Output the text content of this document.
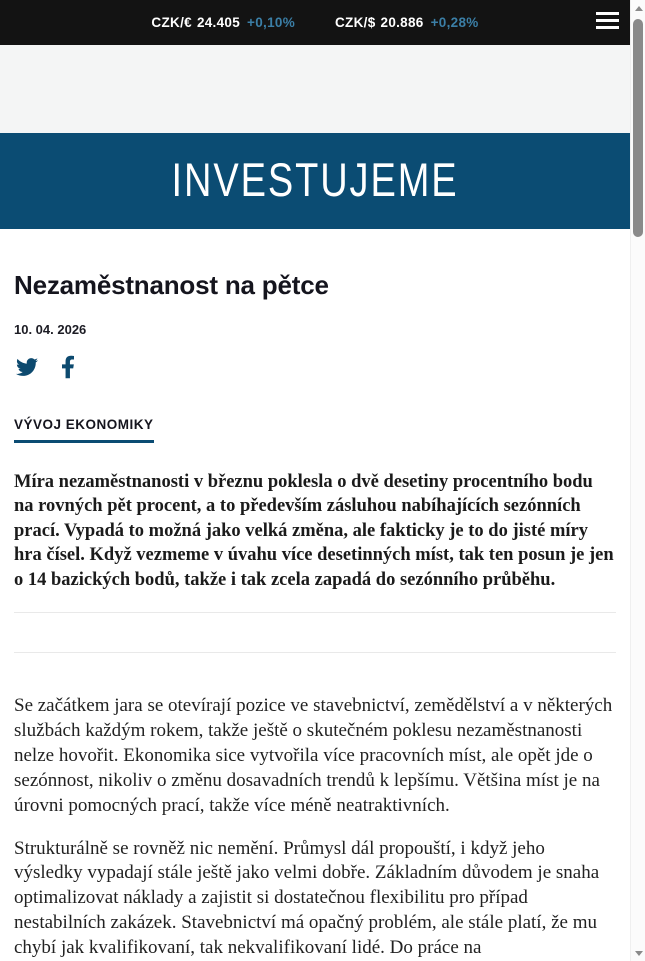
CZK/€ 24.405 +0,10%	CZK/$ 20.886 +0,28%
INVESTUJEME
Nezaměstnanost na pětce
10. 04. 2026
VÝVOJ EKONOMIKY

Míra nezaměstnanosti v březnu poklesla o dvě desetiny procentního bodu na rovných pět procent, a to především zásluhou nabíhajících sezónních prací. Vypadá to možná jako velká změna, ale fakticky je to do jisté míry hra čísel. Když vezmeme v úvahu více desetinných míst, tak ten posun je jen o 14 bazických bodů, takže i tak zcela zapadá do sezónního průběhu.

Se začátkem jara se otevírají pozice ve stavebnictví, zemědělství a v některých službách každým rokem, takže ještě o skutečném poklesu nezaměstnanosti nelze hovořit. Ekonomika sice vytvořila více pracovních míst, ale opět jde o sezónnost, nikoliv o změnu dosavadních trendů k lepšímu. Většina míst je na úrovni pomocných prací, takže více méně neatraktivních.

Strukturálně se rovněž nic nemění. Průmysl dál propouští, i když jeho výsledky vypadají stále ještě jako velmi dobře. Základním důvodem je snaha optimalizovat náklady a zajistit si dostatečnou flexibilitu pro případ nestabilních zakázek. Stavebnictví má opačný problém, ale stále platí, že mu chybí jak kvalifikovaní, tak nekvalifikovaní lidé. Do práce na
